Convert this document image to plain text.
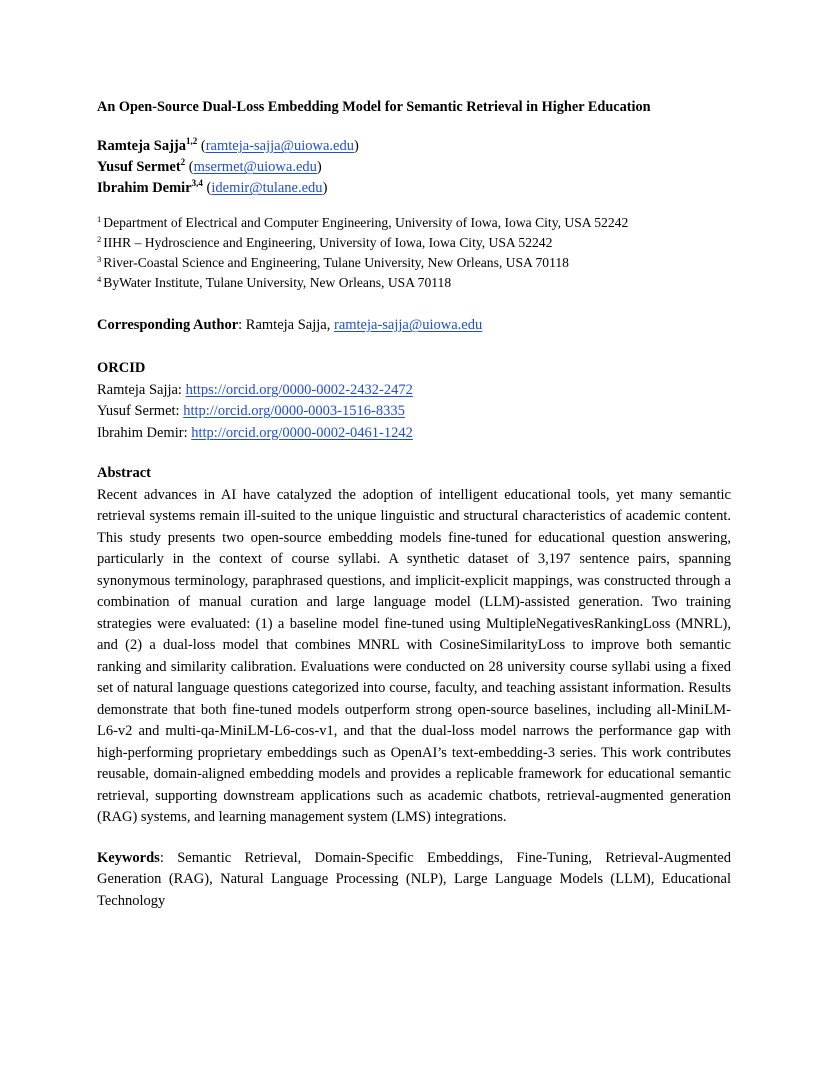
An Open-Source Dual-Loss Embedding Model for Semantic Retrieval in Higher Education
Ramteja Sajja$^{1,2}$ (ramteja-sajja@uiowa.edu)
Yusuf Sermet$^2$ (msermet@uiowa.edu)
Ibrahim Demir$^{3,4}$ (idemir@tulane.edu)
$^1$ Department of Electrical and Computer Engineering, University of Iowa, Iowa City, USA 52242
$^2$ IIHR – Hydroscience and Engineering, University of Iowa, Iowa City, USA 52242
$^3$ River-Coastal Science and Engineering, Tulane University, New Orleans, USA 70118
$^4$ ByWater Institute, Tulane University, New Orleans, USA 70118
Corresponding Author: Ramteja Sajja, ramteja-sajja@uiowa.edu
ORCID
Ramteja Sajja: https://orcid.org/0000-0002-2432-2472
Yusuf Sermet: http://orcid.org/0000-0003-1516-8335
Ibrahim Demir: http://orcid.org/0000-0002-0461-1242
Abstract

Recent advances in AI have catalyzed the adoption of intelligent educational tools, yet many semantic retrieval systems remain ill-suited to the unique linguistic and structural characteristics of academic content. This study presents two open-source embedding models fine-tuned for educational question answering, particularly in the context of course syllabi. A synthetic dataset of 3,197 sentence pairs, spanning synonymous terminology, paraphrased questions, and implicit-explicit mappings, was constructed through a combination of manual curation and large language model (LLM)-assisted generation. Two training strategies were evaluated: (1) a baseline model fine-tuned using MultipleNegativesRankingLoss (MNRL), and (2) a dual-loss model that combines MNRL with CosineSimilarityLoss to improve both semantic ranking and similarity calibration. Evaluations were conducted on 28 university course syllabi using a fixed set of natural language questions categorized into course, faculty, and teaching assistant information. Results demonstrate that both fine-tuned models outperform strong open-source baselines, including all-MiniLM-L6-v2 and multi-qa-MiniLM-L6-cos-v1, and that the dual-loss model narrows the performance gap with high-performing proprietary embeddings such as OpenAI’s text-embedding-3 series. This work contributes reusable, domain-aligned embedding models and provides a replicable framework for educational semantic retrieval, supporting downstream applications such as academic chatbots, retrieval-augmented generation (RAG) systems, and learning management system (LMS) integrations.

Keywords: Semantic Retrieval, Domain-Specific Embeddings, Fine-Tuning, Retrieval-Augmented Generation (RAG), Natural Language Processing (NLP), Large Language Models (LLM), Educational Technology
